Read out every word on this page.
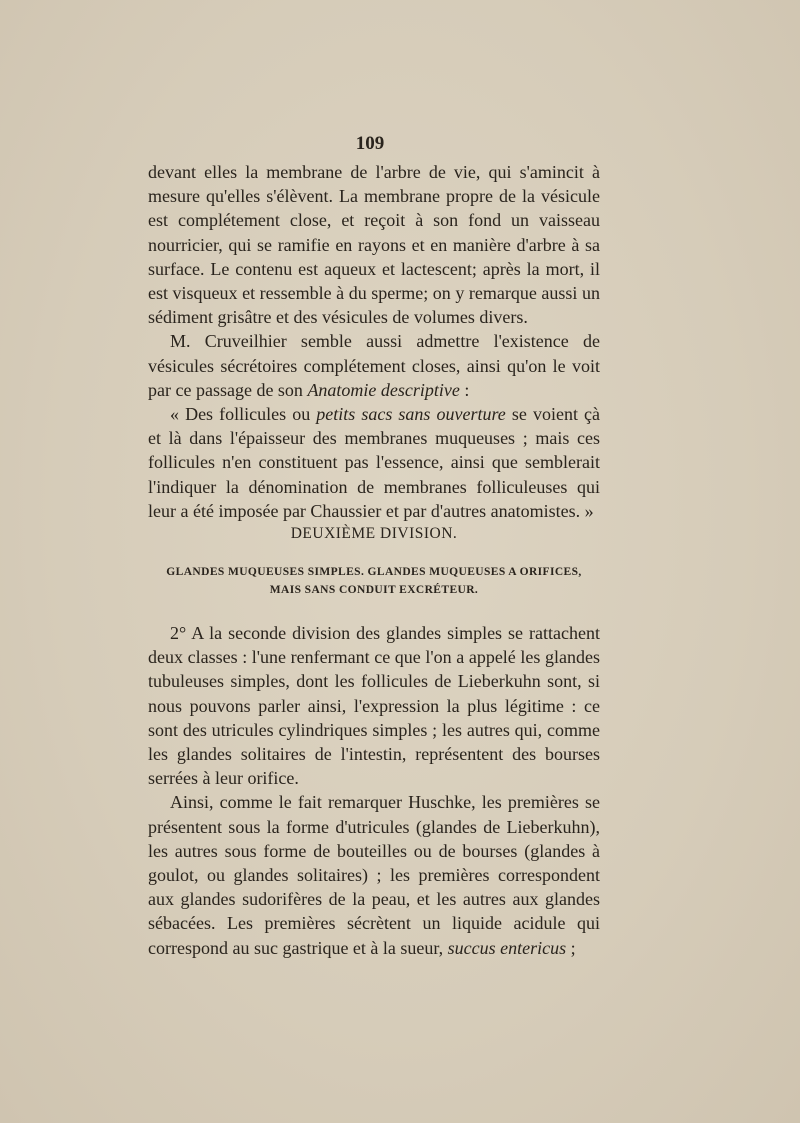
109

devant elles la membrane de l'arbre de vie, qui s'amincit à mesure qu'elles s'élèvent. La membrane propre de la vésicule est complétement close, et reçoit à son fond un vaisseau nourricier, qui se ramifie en rayons et en manière d'arbre à sa surface. Le contenu est aqueux et lactescent; après la mort, il est visqueux et ressemble à du sperme; on y remarque aussi un sédiment grisâtre et des vésicules de volumes divers.

M. Cruveilhier semble aussi admettre l'existence de vésicules sécrétoires complétement closes, ainsi qu'on le voit par ce passage de son Anatomie descriptive :

« Des follicules ou petits sacs sans ouverture se voient çà et là dans l'épaisseur des membranes muqueuses ; mais ces follicules n'en constituent pas l'essence, ainsi que semblerait l'indiquer la dénomination de membranes folliculeuses qui leur a été imposée par Chaussier et par d'autres anatomistes. »

DEUXIÈME DIVISION.
GLANDES MUQUEUSES SIMPLES. GLANDES MUQUEUSES A ORIFICES,
MAIS SANS CONDUIT EXCRÉTEUR.

2° A la seconde division des glandes simples se rattachent deux classes : l'une renfermant ce que l'on a appelé les glandes tubuleuses simples, dont les follicules de Lieberkuhn sont, si nous pouvons parler ainsi, l'expression la plus légitime : ce sont des utricules cylindriques simples ; les autres qui, comme les glandes solitaires de l'intestin, représentent des bourses serrées à leur orifice.

Ainsi, comme le fait remarquer Huschke, les premières se présentent sous la forme d'utricules (glandes de Lieberkuhn), les autres sous forme de bouteilles ou de bourses (glandes à goulot, ou glandes solitaires) ; les premières correspondent aux glandes sudorifères de la peau, et les autres aux glandes sébacées. Les premières sécrètent un liquide acidule qui correspond au suc gastrique et à la sueur, succus entericus ;
